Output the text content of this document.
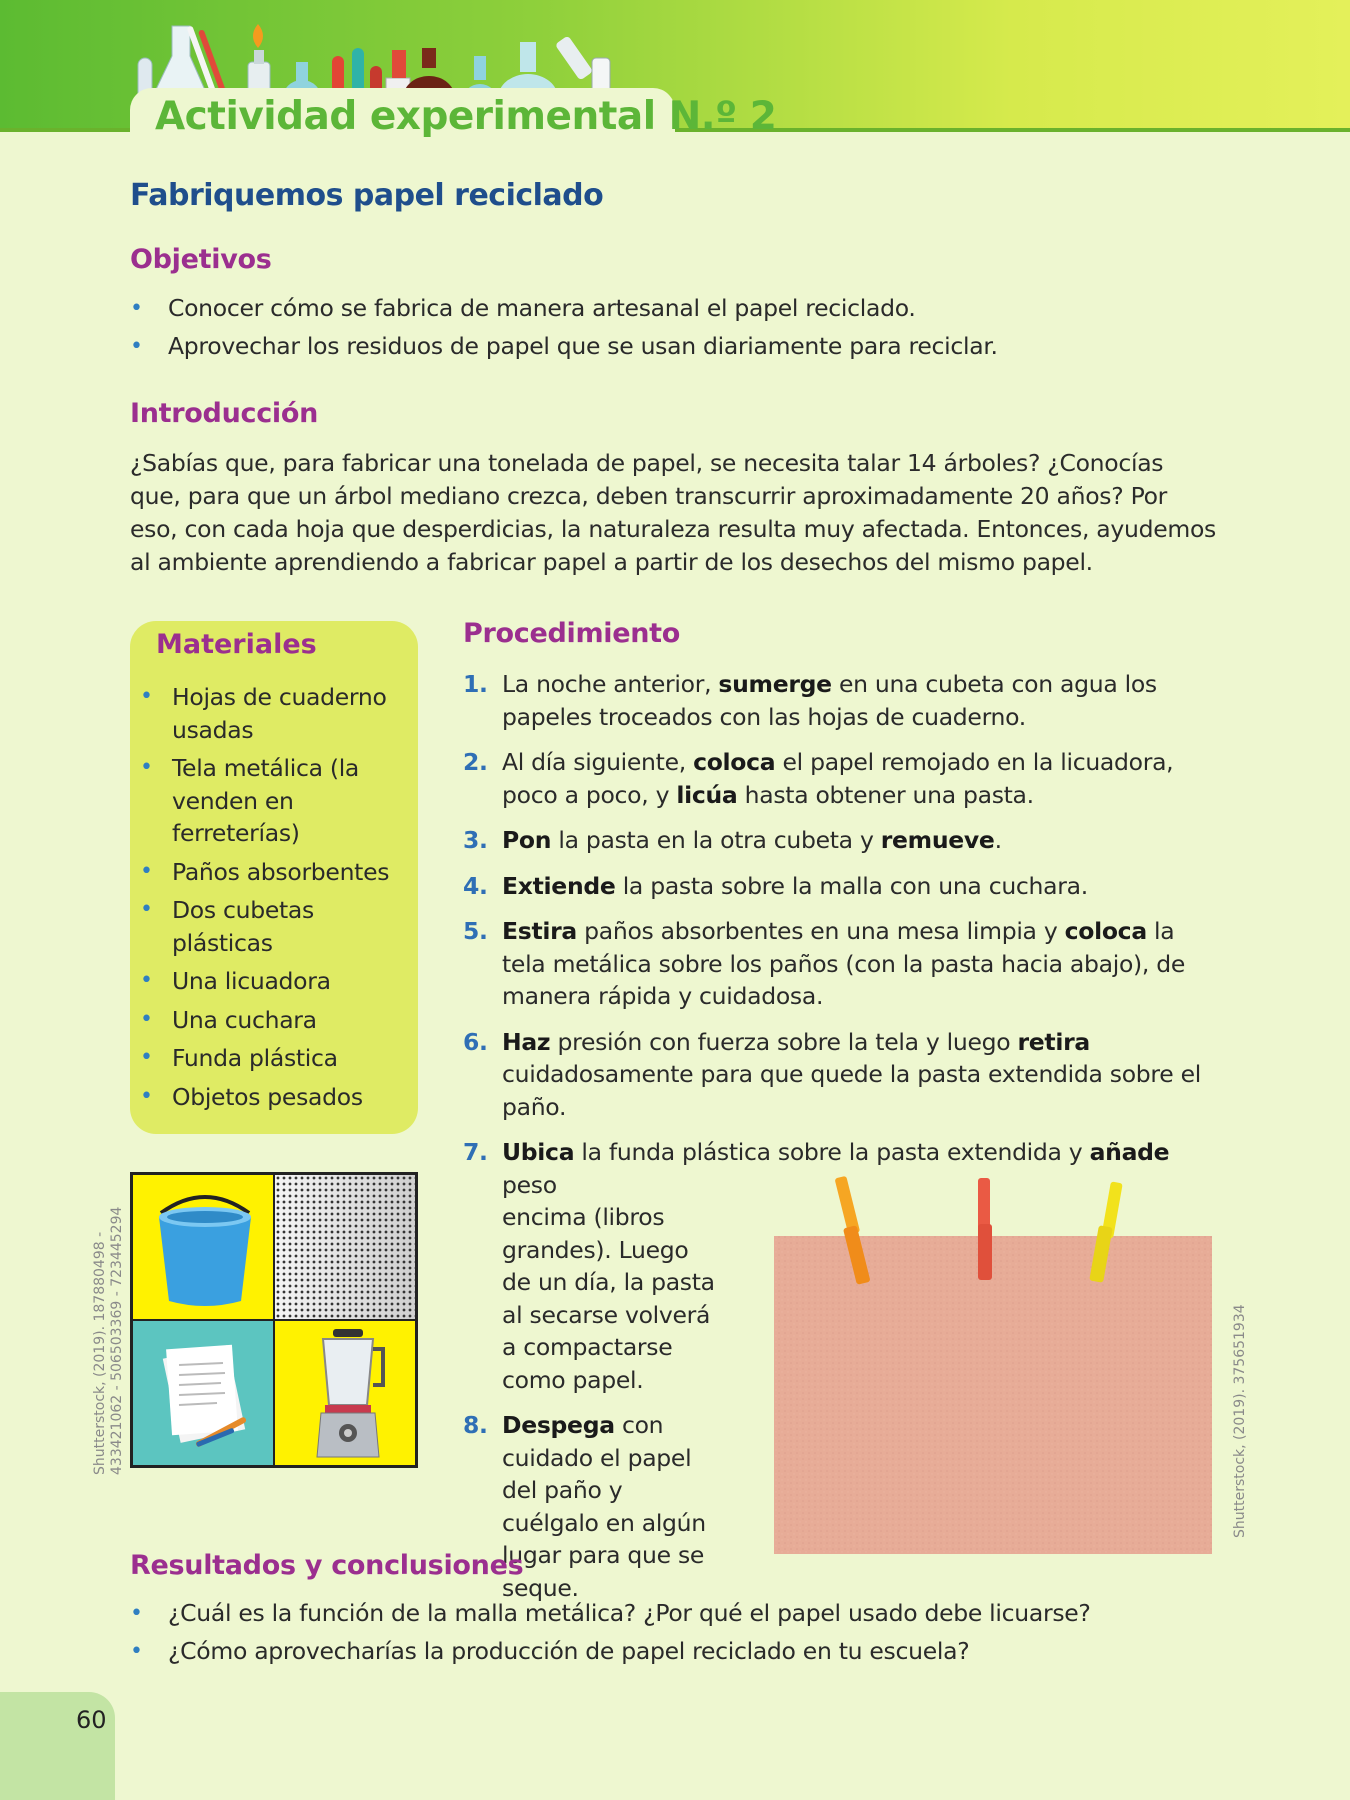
Actividad experimental N.º 2
Fabriquemos papel reciclado
Objetivos
• Conocer cómo se fabrica de manera artesanal el papel reciclado.
• Aprovechar los residuos de papel que se usan diariamente para reciclar.
Introducción
¿Sabías que, para fabricar una tonelada de papel, se necesita talar 14 árboles? ¿Conocías que, para que un árbol mediano crezca, deben transcurrir aproximadamente 20 años? Por eso, con cada hoja que desperdicias, la naturaleza resulta muy afectada. Entonces, ayudemos al ambiente aprendiendo a fabricar papel a partir de los desechos del mismo papel.
Materiales
• Hojas de cuaderno usadas
• Tela metálica (la venden en ferreterías)
• Paños absorbentes
• Dos cubetas plásticas
• Una licuadora
• Una cuchara
• Funda plástica
• Objetos pesados
Shutterstock, (2019). 187880498 - 433421062 - 506503369 - 723445294
Procedimiento
1. La noche anterior, sumerge en una cubeta con agua los papeles troceados con las hojas de cuaderno.
2. Al día siguiente, coloca el papel remojado en la licuadora, poco a poco, y licúa hasta obtener una pasta.
3. Pon la pasta en la otra cubeta y remueve.
4. Extiende la pasta sobre la malla con una cuchara.
5. Estira paños absorbentes en una mesa limpia y coloca la tela metálica sobre los paños (con la pasta hacia abajo), de manera rápida y cuidadosa.
6. Haz presión con fuerza sobre la tela y luego retira cuidadosamente para que quede la pasta extendida sobre el paño.
7. Ubica la funda plástica sobre la pasta extendida y añade peso
encima (libros grandes). Luego de un día, la pasta al secarse volverá a compactarse como papel.
8. Despega con cuidado el papel del paño y cuélgalo en algún lugar para que se seque.
Shutterstock, (2019). 375651934
Resultados y conclusiones
• ¿Cuál es la función de la malla metálica? ¿Por qué el papel usado debe licuarse?
• ¿Cómo aprovecharías la producción de papel reciclado en tu escuela?
60
